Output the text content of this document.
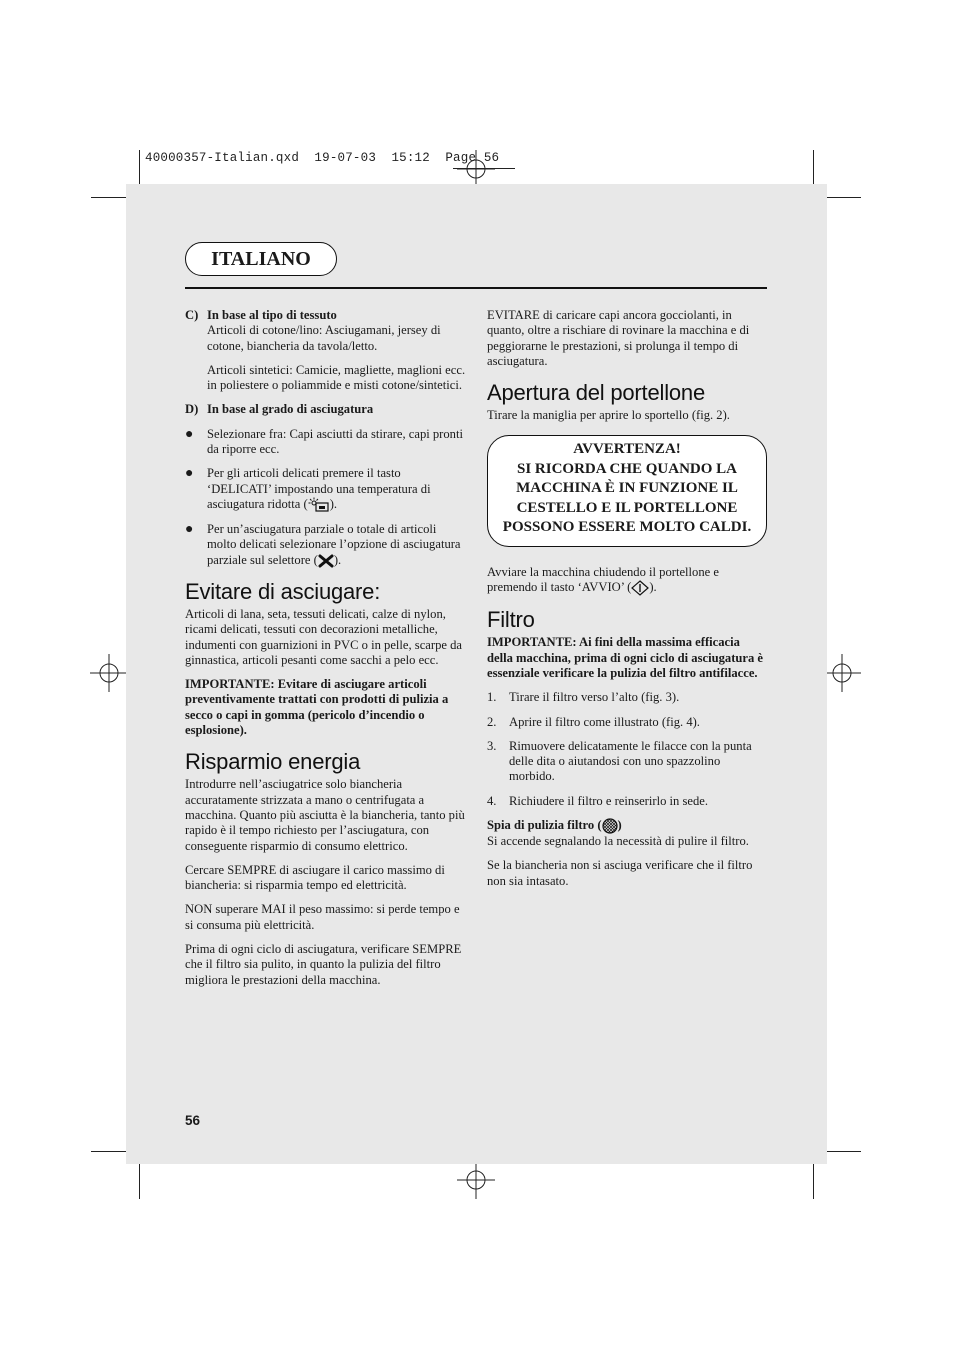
40000357-Italian.qxd  19-07-03  15:12  Page 56
ITALIANO
C) In base al tipo di tessuto

Articoli di cotone/lino: Asciugamani, jersey di cotone, biancheria da tavola/letto.

Articoli sintetici: Camicie, magliette, maglioni ecc. in poliestere o poliammide e misti cotone/sintetici.

D) In base al grado di asciugatura
●	Selezionare fra: Capi asciutti da stirare, capi pronti da riporre ecc.
●	Per gli articoli delicati premere il tasto ‘DELICATI’ impostando una temperatura di asciugatura ridotta ( ).
●	Per un’asciugatura parziale o totale di articoli molto delicati selezionare l’opzione di asciugatura parziale sul selettore ( ).
Evitare di asciugare:

Articoli di lana, seta, tessuti delicati, calze di nylon, ricami delicati, tessuti con decorazioni metalliche, indumenti con guarnizioni in PVC o in pelle, scarpe da ginnastica, articoli pesanti come sacchi a pelo ecc.

IMPORTANTE: Evitare di asciugare articoli preventivamente trattati con prodotti di pulizia a secco o capi in gomma (pericolo d’incendio o esplosione).

Risparmio energia

Introdurre nell’asciugatrice solo biancheria accuratamente strizzata a mano o centrifugata a macchina. Quanto più asciutta è la biancheria, tanto più rapido è il tempo richiesto per l’asciugatura, con conseguente risparmio di consumo elettrico.

Cercare SEMPRE di asciugare il carico massimo di biancheria: si risparmia tempo ed elettricità.

NON superare MAI il peso massimo: si perde tempo e si consuma più elettricità.

Prima di ogni ciclo di asciugatura, verificare SEMPRE che il filtro sia pulito, in quanto la pulizia del filtro migliora le prestazioni della macchina.

EVITARE di caricare capi ancora gocciolanti, in quanto, oltre a rischiare di rovinare la macchina e di peggiorarne le prestazioni, si prolunga il tempo di asciugatura.

Apertura del portellone

Tirare la maniglia per aprire lo sportello (fig. 2).

AVVERTENZA!
SI RICORDA CHE QUANDO LA MACCHINA È IN FUNZIONE IL CESTELLO E IL PORTELLONE POSSONO ESSERE MOLTO CALDI.

Avviare la macchina chiudendo il portellone e premendo il tasto ‘AVVIO’ ( ).

Filtro

IMPORTANTE: Ai fini della massima efficacia della macchina, prima di ogni ciclo di asciugatura è essenziale verificare la pulizia del filtro antifilacce.

1. Tirare il filtro verso l’alto (fig. 3).
2. Aprire il filtro come illustrato (fig. 4).
3. Rimuovere delicatamente le filacce con la punta delle dita o aiutandosi con uno spazzolino morbido.
4. Richiudere il filtro e reinserirlo in sede.
Spia di pulizia filtro ( )

Si accende segnalando la necessità di pulire il filtro.

Se la biancheria non si asciuga verificare che il filtro non sia intasato.

56
